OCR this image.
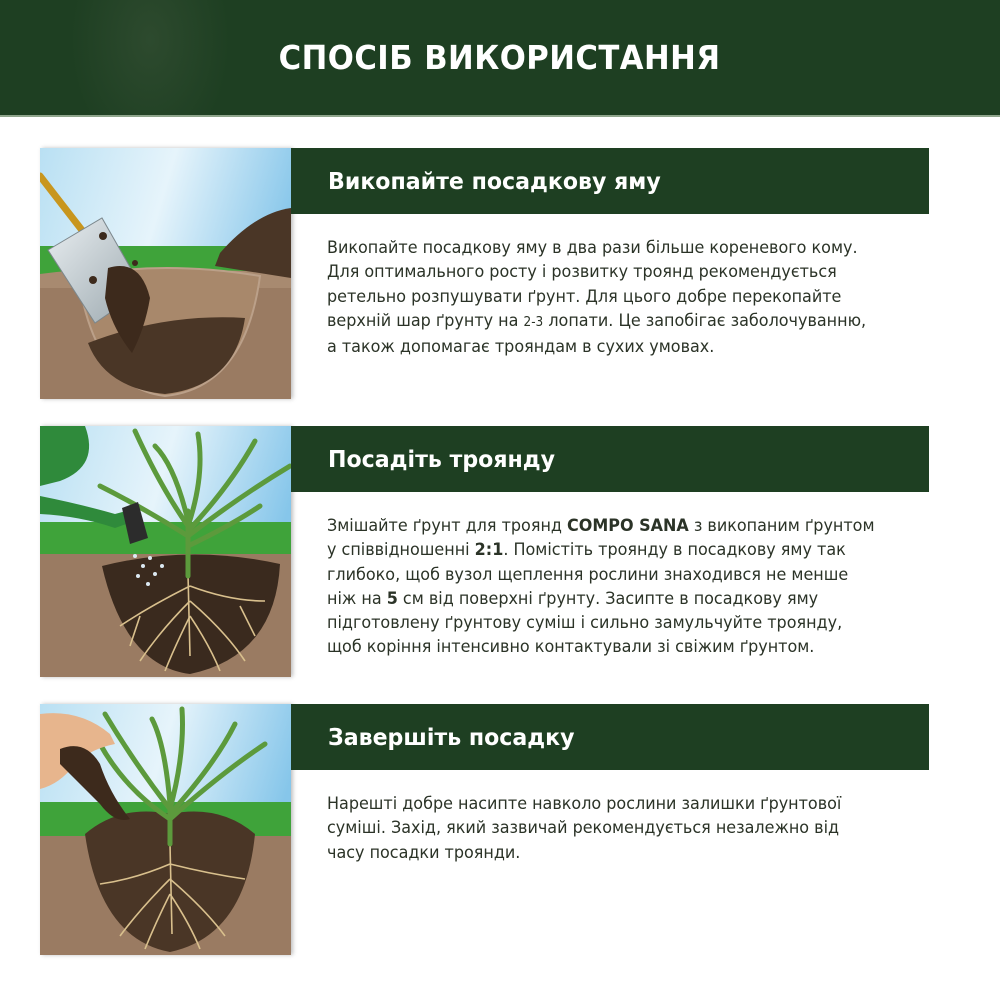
СПОСІБ ВИКОРИСТАННЯ
Викопайте посадкову яму

Викопайте посадкову яму в два рази більше кореневого кому.

Для оптимального росту і розвитку троянд рекомендується

ретельно розпушувати ґрунт. Для цього добре перекопайте

верхній шар ґрунту на 2-3 лопати. Це запобігає заболочуванню,

а також допомагає трояндам в сухих умовах.

Посадіть троянду

Змішайте ґрунт для троянд COMPO SANA з викопаним ґрунтом

у співвідношенні 2:1. Помістіть троянду в посадкову яму так

глибоко, щоб вузол щеплення рослини знаходився не менше

ніж на 5 см від поверхні ґрунту. Засипте в посадкову яму

підготовлену ґрунтову суміш і сильно замульчуйте троянду,

щоб коріння інтенсивно контактували зі свіжим ґрунтом.

Завершіть посадку

Нарешті добре насипте навколо рослини залишки ґрунтової

суміші. Захід, який зазвичай рекомендується незалежно від

часу посадки троянди.
